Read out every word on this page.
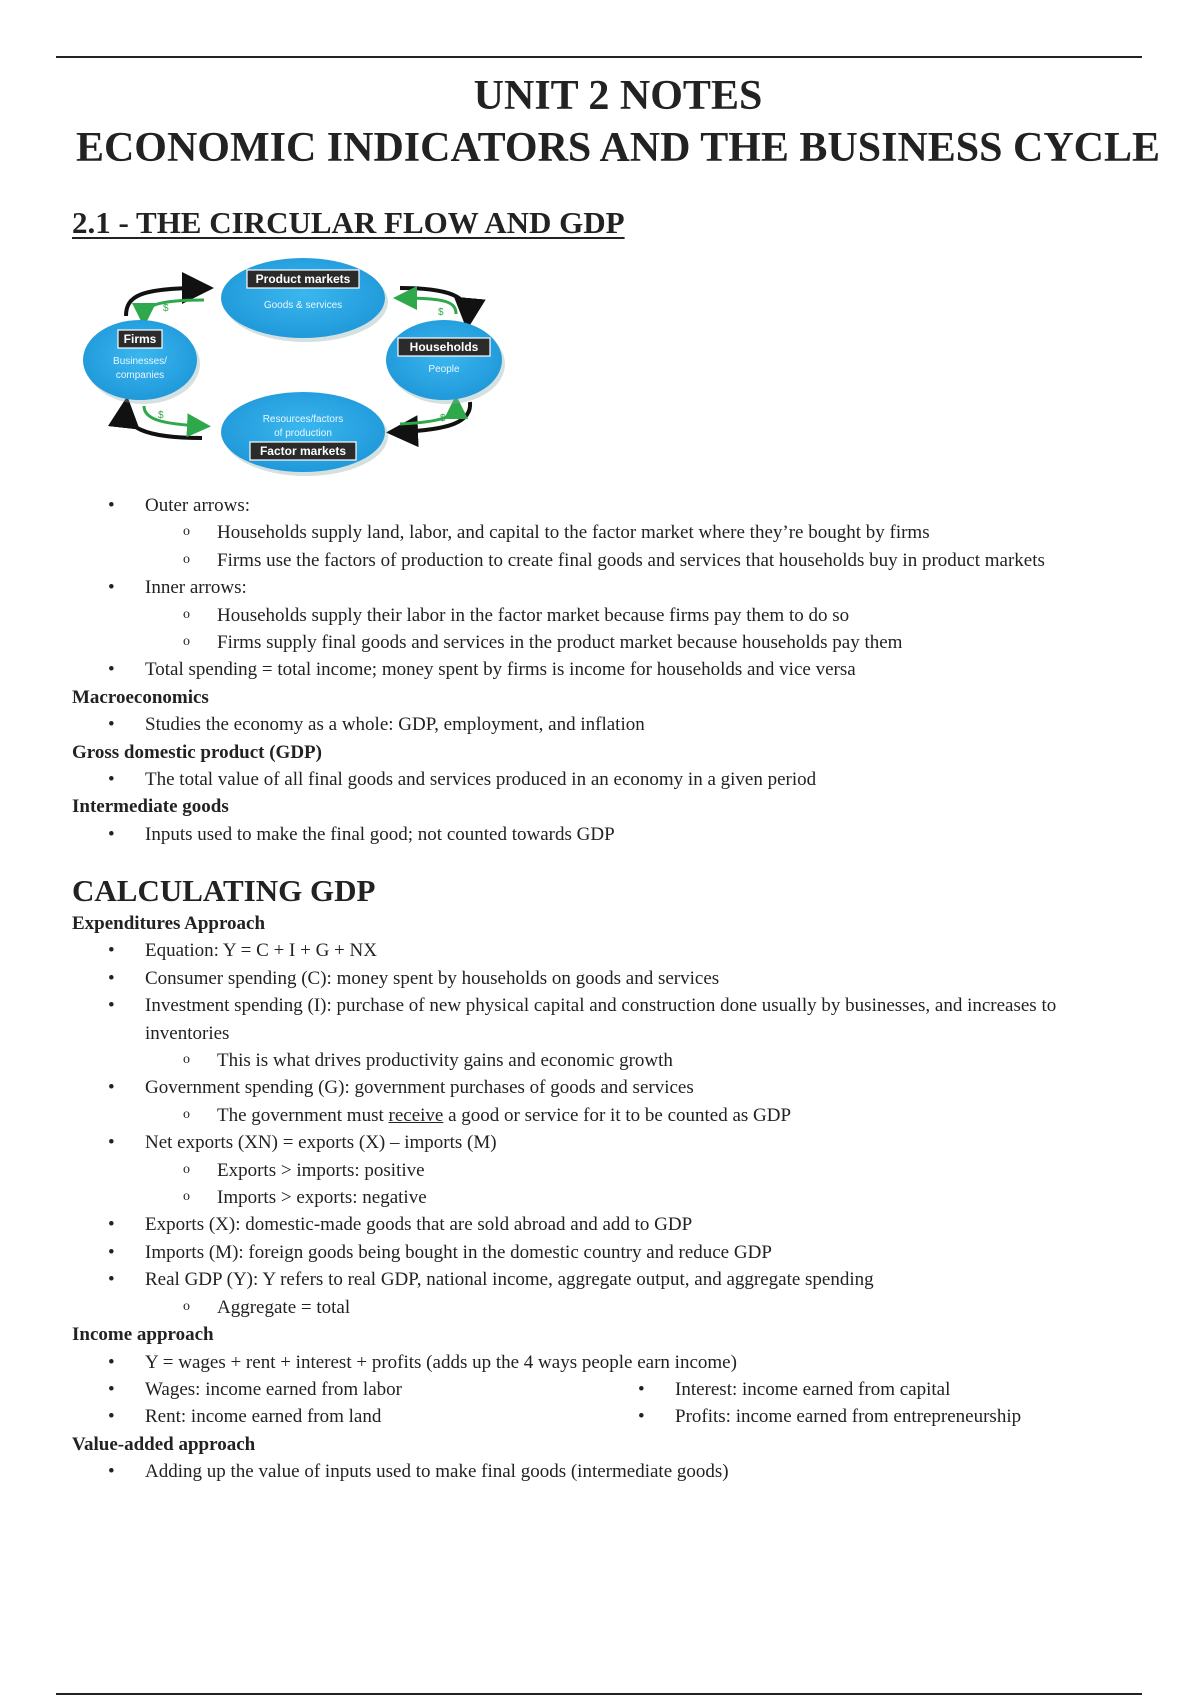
UNIT 2 NOTES
ECONOMIC INDICATORS AND THE BUSINESS CYCLE
2.1 - THE CIRCULAR FLOW AND GDP
$	$
$
$
Product markets
Goods & services
Firms
Businesses/
companies
Households
People
Resources/factors
of production
Factor markets
• Outer arrows:
o Households supply land, labor, and capital to the factor market where they’re bought by firms
o Firms use the factors of production to create final goods and services that households buy in product markets
• Inner arrows:
o Households supply their labor in the factor market because firms pay them to do so
o Firms supply final goods and services in the product market because households pay them
• Total spending = total income; money spent by firms is income for households and vice versa
Macroeconomics
• Studies the economy as a whole: GDP, employment, and inflation
Gross domestic product (GDP)
• The total value of all final goods and services produced in an economy in a given period
Intermediate goods
• Inputs used to make the final good; not counted towards GDP
CALCULATING GDP
Expenditures Approach
• Equation: Y = C + I + G + NX
• Consumer spending (C): money spent by households on goods and services
• Investment spending (I): purchase of new physical capital and construction done usually by businesses, and increases to inventories
o This is what drives productivity gains and economic growth
• Government spending (G): government purchases of goods and services
o The government must receive a good or service for it to be counted as GDP
• Net exports (XN) = exports (X) – imports (M)
o Exports > imports: positive
o Imports > exports: negative
• Exports (X): domestic-made goods that are sold abroad and add to GDP
• Imports (M): foreign goods being bought in the domestic country and reduce GDP
• Real GDP (Y): Y refers to real GDP, national income, aggregate output, and aggregate spending
o Aggregate = total
Income approach
• Y = wages + rent + interest + profits (adds up the 4 ways people earn income)
• Wages: income earned from labor
• Rent: income earned from land
• Interest: income earned from capital
• Profits: income earned from entrepreneurship
Value-added approach
• Adding up the value of inputs used to make final goods (intermediate goods)
